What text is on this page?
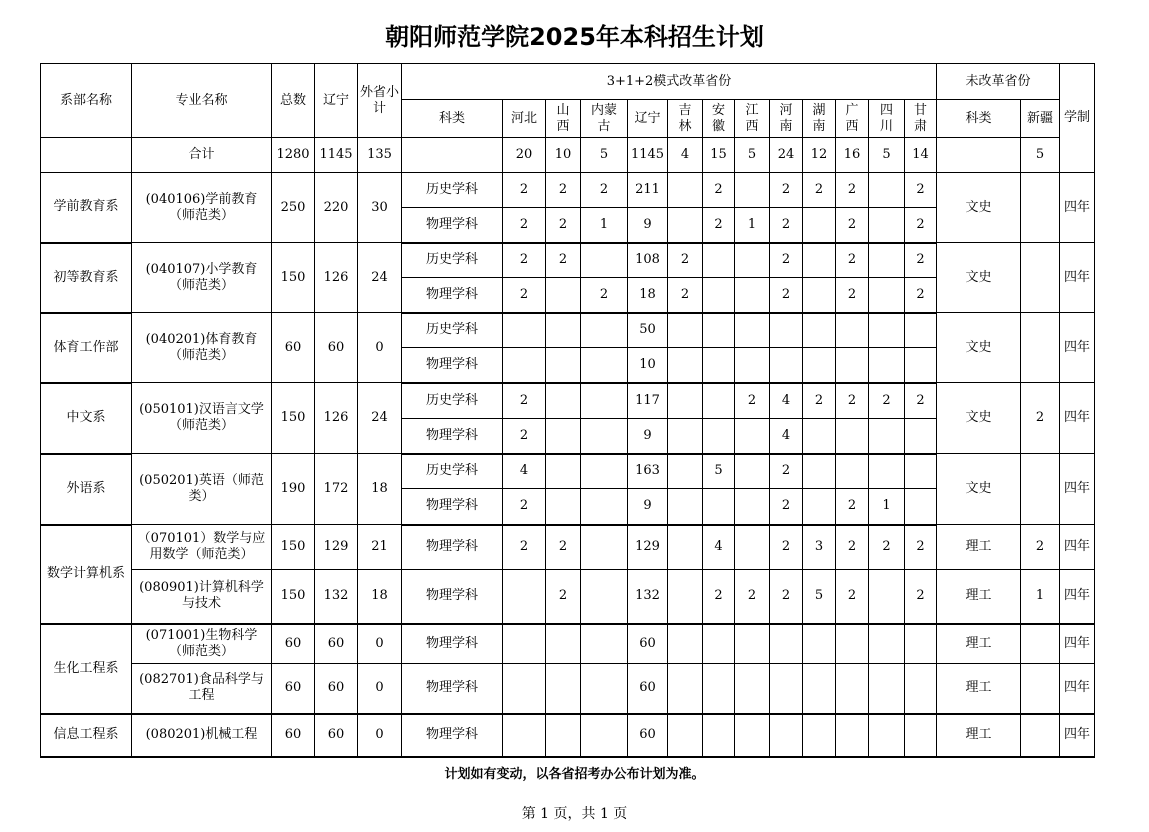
朝阳师范学院2025年本科招生计划
系部名称	专业名称	总数	辽宁	外省小计	3+1+2模式改革省份													未改革省份		学制
					科类	河北	山西	内蒙古	辽宁	吉林	安徽	江西	河南	湖南	广西	四川	甘肃	科类	新疆	
	合计	1280	1145	135		20	10	5	1145	4	15	5	24	12	16	5	14		5	
学前教育系	(040106)学前教育（师范类）	250	220	30	历史学科	2	2	2	211		2		2	2	2		2	文史		四年
					物理学科	2	2	1	9		2	1	2		2		2			
初等教育系	(040107)小学教育（师范类）	150	126	24	历史学科	2	2		108	2			2		2		2	文史		四年
					物理学科	2		2	18	2			2		2		2			
体育工作部	(040201)体育教育（师范类）	60	60	0	历史学科				50									文史		四年
					物理学科				10											
中文系	(050101)汉语言文学（师范类）	150	126	24	历史学科	2			117			2	4	2	2	2	2	文史	2	四年
					物理学科	2			9				4							
外语系	(050201)英语（师范类）	190	172	18	历史学科	4			163		5		2					文史		四年
					物理学科	2			9				2		2	1				
数学计算机系	（070101）数学与应用数学（师范类）	150	129	21	物理学科	2	2		129		4		2	3	2	2	2	理工	2	四年
	(080901)计算机科学与技术	150	132	18	物理学科		2		132		2	2	2	5	2		2	理工	1	四年
生化工程系	(071001)生物科学（师范类）	60	60	0	物理学科				60									理工		四年
	(082701)食品科学与工程	60	60	0	物理学科				60									理工		四年
信息工程系	(080201)机械工程	60	60	0	物理学科				60									理工		四年
计划如有变动，以各省招考办公布计划为准。
第 1 页，共 1 页
